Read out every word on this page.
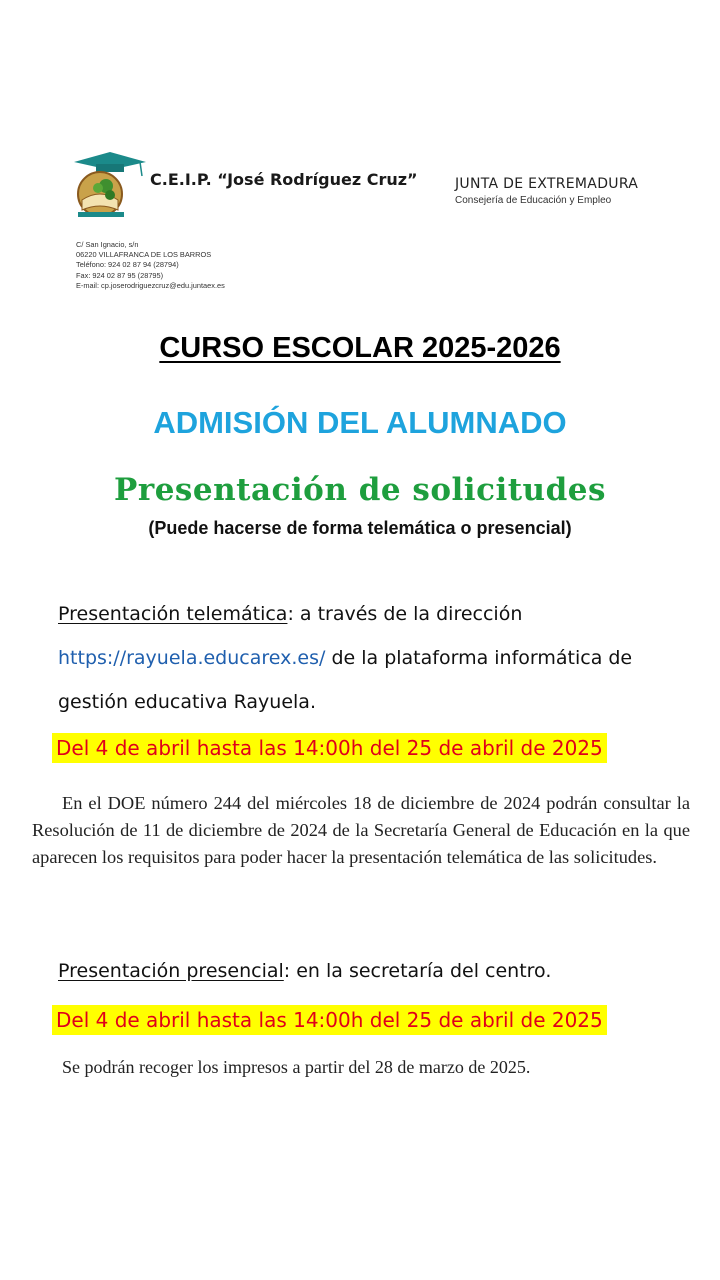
C.E.I.P. “José Rodríguez Cruz”
C/ San Ignacio, s/n
06220 VILLAFRANCA DE LOS BARROS
Teléfono: 924 02 87 94 (28794)
Fax: 924 02 87 95 (28795)
E-mail: cp.joserodriguezcruz@edu.juntaex.es
JUNTA DE EXTREMADURA
Consejería de Educación y Empleo
CURSO ESCOLAR 2025-2026
ADMISIÓN DEL ALUMNADO
Presentación de solicitudes
(Puede hacerse de forma telemática o presencial)
Presentación telemática: a través de la dirección
https://rayuela.educarex.es/ de la plataforma informática de gestión educativa Rayuela.
Del 4 de abril hasta las 14:00h del 25 de abril de 2025
En el DOE número 244 del miércoles 18 de diciembre de 2024 podrán consultar la Resolución de 11 de diciembre de 2024 de la Secretaría General de Educación en la que aparecen los requisitos para poder hacer la presentación telemática de las solicitudes.
Presentación presencial: en la secretaría del centro.
Del 4 de abril hasta las 14:00h del 25 de abril de 2025
Se podrán recoger los impresos a partir del 28 de marzo de 2025.
